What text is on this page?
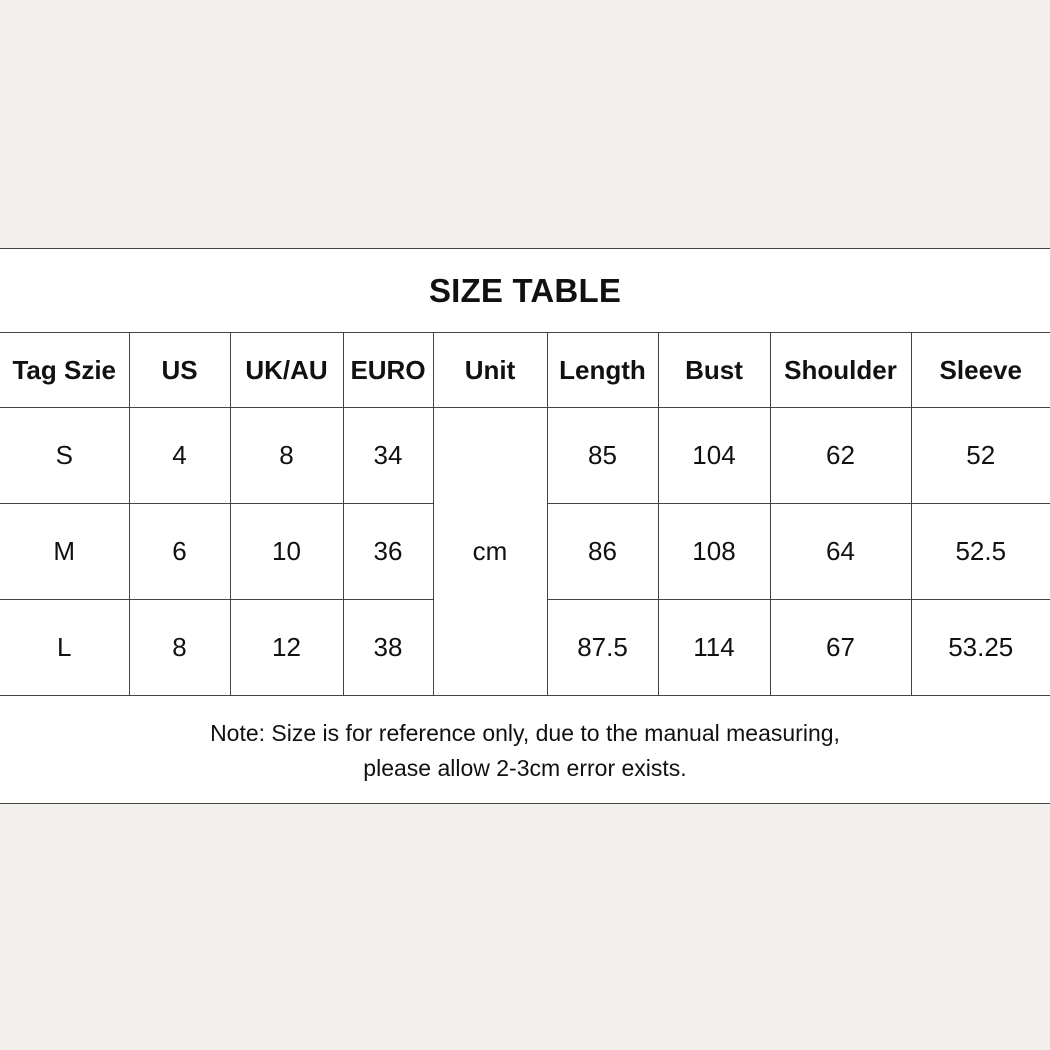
SIZE TABLE
Tag Szie	US	UK/AU	EURO	Unit	Length	Bust	Shoulder	Sleeve
S	4	8	34	cm	85	104	62	52
M	6	10	36		86	108	64	52.5
L	8	12	38		87.5	114	67	53.25
Note: Size is for reference only, due to the manual measuring,
please allow 2-3cm error exists.
